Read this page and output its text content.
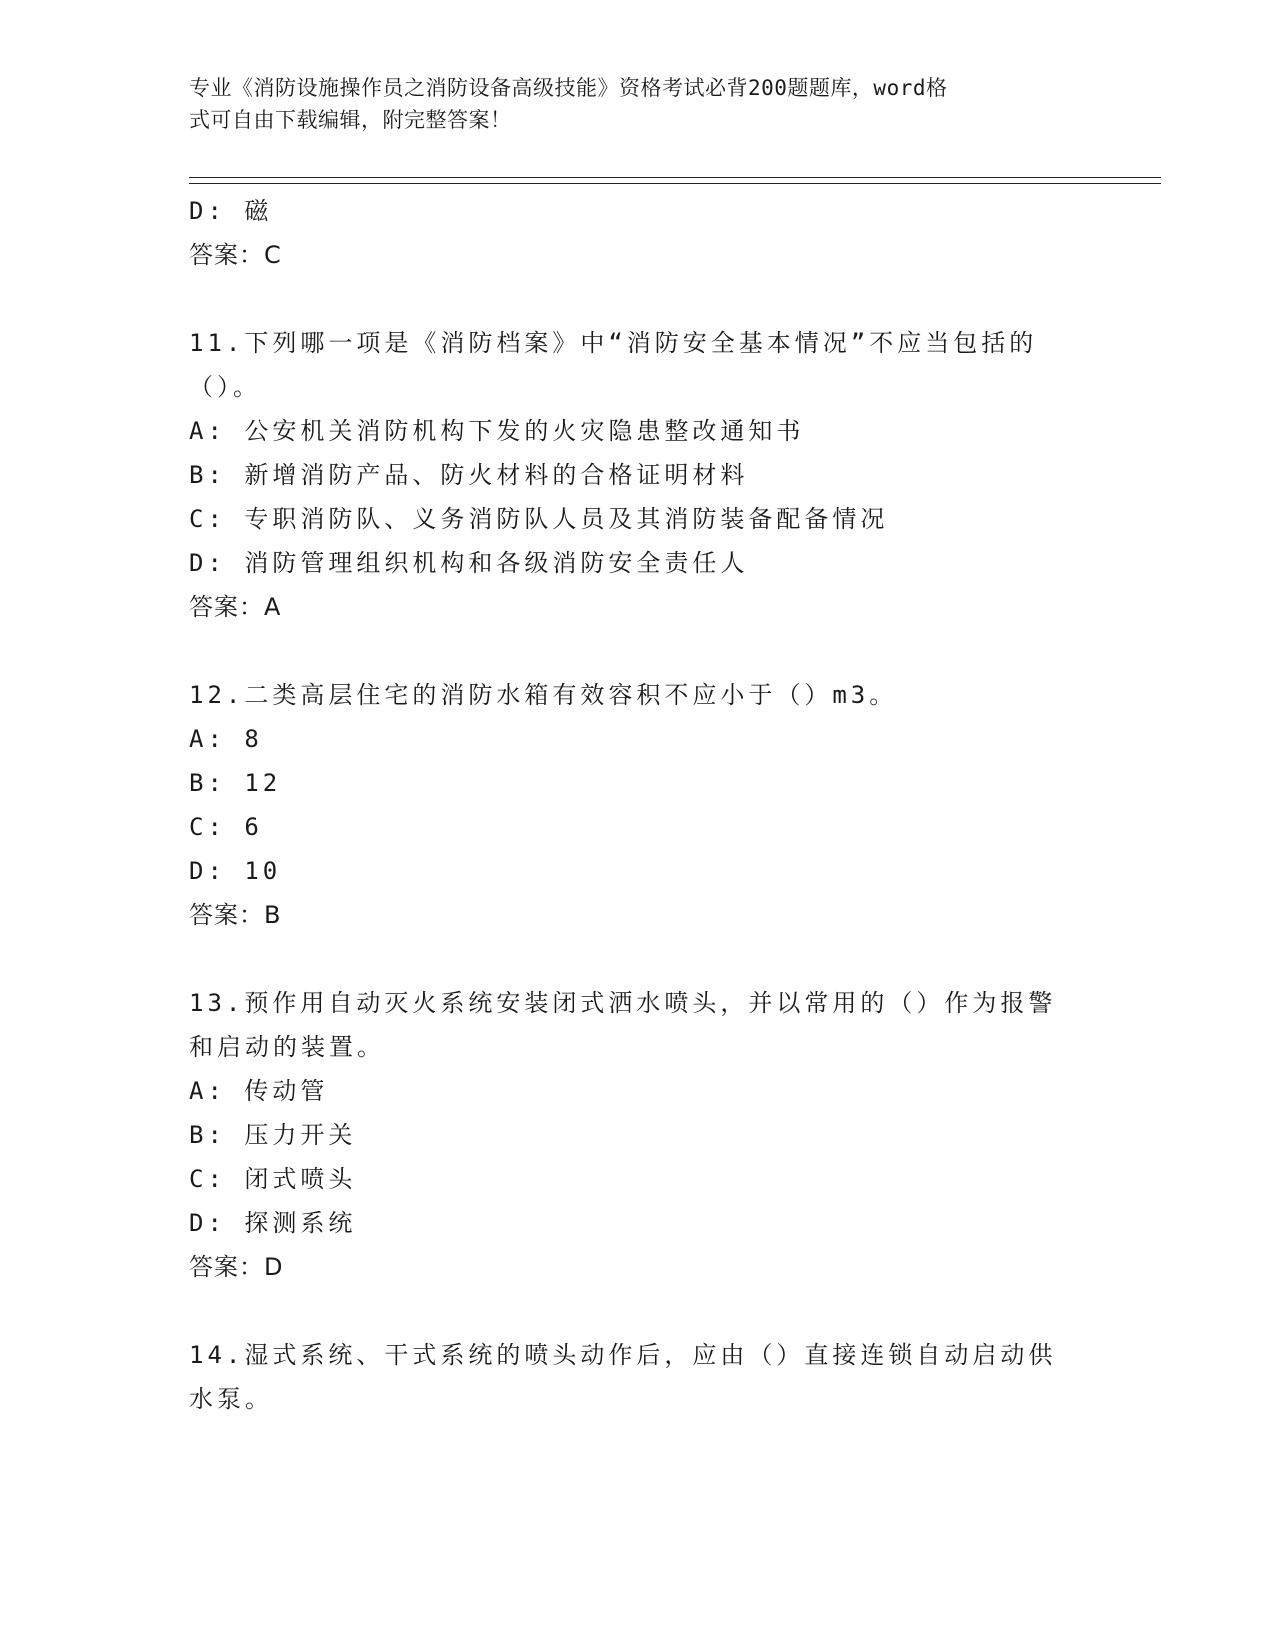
专业《消防设施操作员之消防设备高级技能》资格考试必背200题题库，word格
式可自由下载编辑，附完整答案！
D: 磁
答案：C
11.下列哪一项是《消防档案》中“消防安全基本情况”不应当包括的
（）。
A: 公安机关消防机构下发的火灾隐患整改通知书
B: 新增消防产品、防火材料的合格证明材料
C: 专职消防队、义务消防队人员及其消防装备配备情况
D: 消防管理组织机构和各级消防安全责任人
答案：A
12.二类高层住宅的消防水箱有效容积不应小于（）m3。
A: 8
B: 12
C: 6
D: 10
答案：B
13.预作用自动灭火系统安装闭式洒水喷头，并以常用的（）作为报警
和启动的装置。
A: 传动管
B: 压力开关
C: 闭式喷头
D: 探测系统
答案：D
14.湿式系统、干式系统的喷头动作后，应由（）直接连锁自动启动供
水泵。
